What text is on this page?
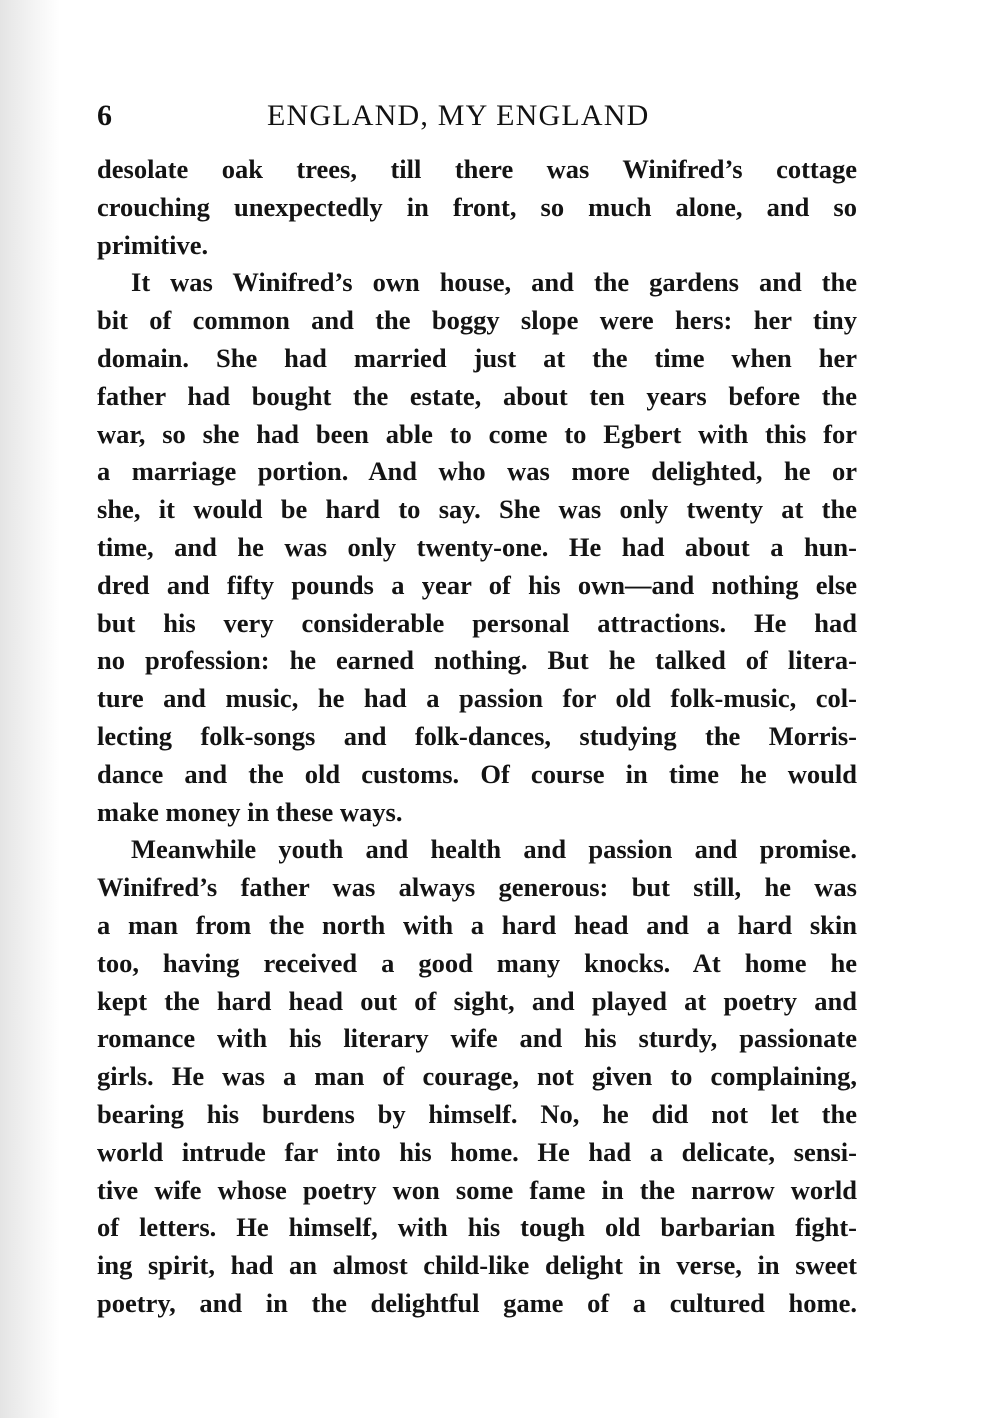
6	ENGLAND, MY ENGLAND
desolate oak trees, till there was Winifred’s cottage
crouching unexpectedly in front, so much alone, and so
primitive.
It was Winifred’s own house, and the gardens and the
bit of common and the boggy slope were hers: her tiny
domain. She had married just at the time when her
father had bought the estate, about ten years before the
war, so she had been able to come to Egbert with this for
a marriage portion. And who was more delighted, he or
she, it would be hard to say. She was only twenty at the
time, and he was only twenty-one. He had about a hun-
dred and fifty pounds a year of his own—and nothing else
but his very considerable personal attractions. He had
no profession: he earned nothing. But he talked of litera-
ture and music, he had a passion for old folk-music, col-
lecting folk-songs and folk-dances, studying the Morris-
dance and the old customs. Of course in time he would
make money in these ways.
Meanwhile youth and health and passion and promise.
Winifred’s father was always generous: but still, he was
a man from the north with a hard head and a hard skin
too, having received a good many knocks. At home he
kept the hard head out of sight, and played at poetry and
romance with his literary wife and his sturdy, passionate
girls. He was a man of courage, not given to complaining,
bearing his burdens by himself. No, he did not let the
world intrude far into his home. He had a delicate, sensi-
tive wife whose poetry won some fame in the narrow world
of letters. He himself, with his tough old barbarian fight-
ing spirit, had an almost child-like delight in verse, in sweet
poetry, and in the delightful game of a cultured home.
